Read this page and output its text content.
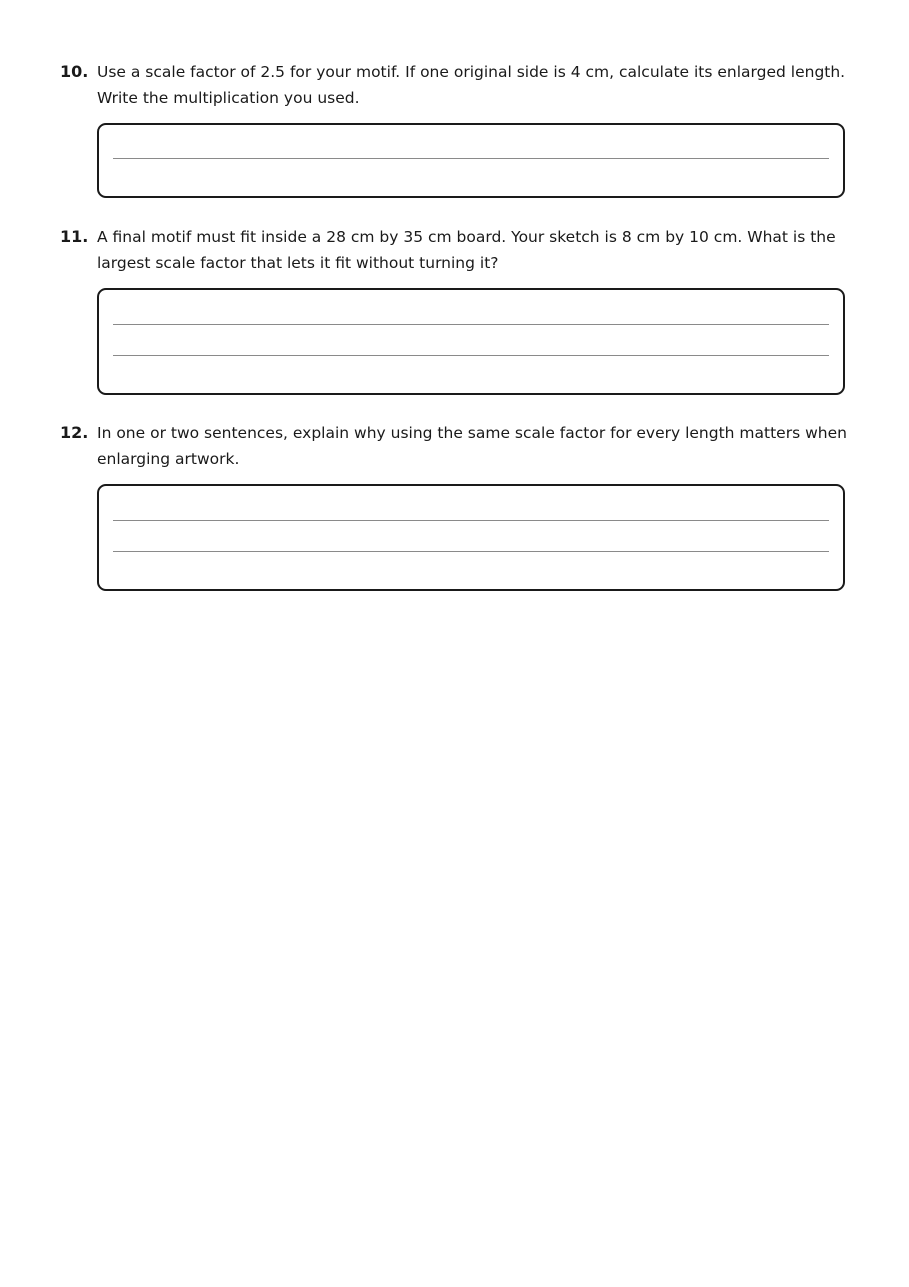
10. Use a scale factor of 2.5 for your motif. If one original side is 4 cm, calculate its enlarged length. Write the multiplication you used.
11. A final motif must fit inside a 28 cm by 35 cm board. Your sketch is 8 cm by 10 cm. What is the largest scale factor that lets it fit without turning it?
12. In one or two sentences, explain why using the same scale factor for every length matters when enlarging artwork.
